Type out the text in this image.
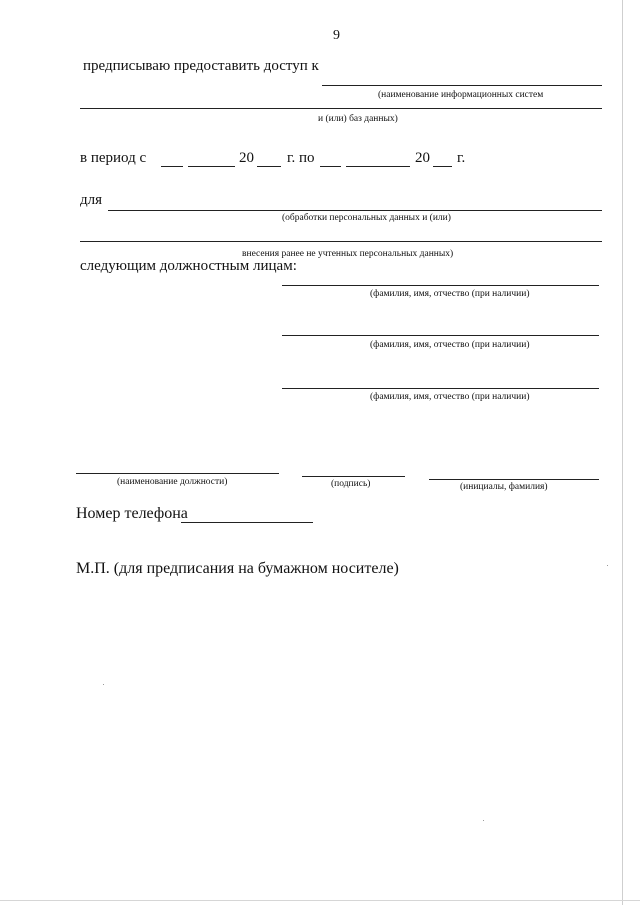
9
предписываю предоставить доступ к
(наименование информационных систем
и (или) баз данных)
в период с	20 г. по	20 г.
для
(обработки персональных данных и (или)
внесения ранее не учтенных персональных данных)
следующим должностным лицам:
(фамилия, имя, отчество (при наличии)
(фамилия, имя, отчество (при наличии)
(фамилия, имя, отчество (при наличии)
(наименование должности)	(подпись)	(инициалы, фамилия)
Номер телефона
М.П. (для предписания на бумажном носителе)
